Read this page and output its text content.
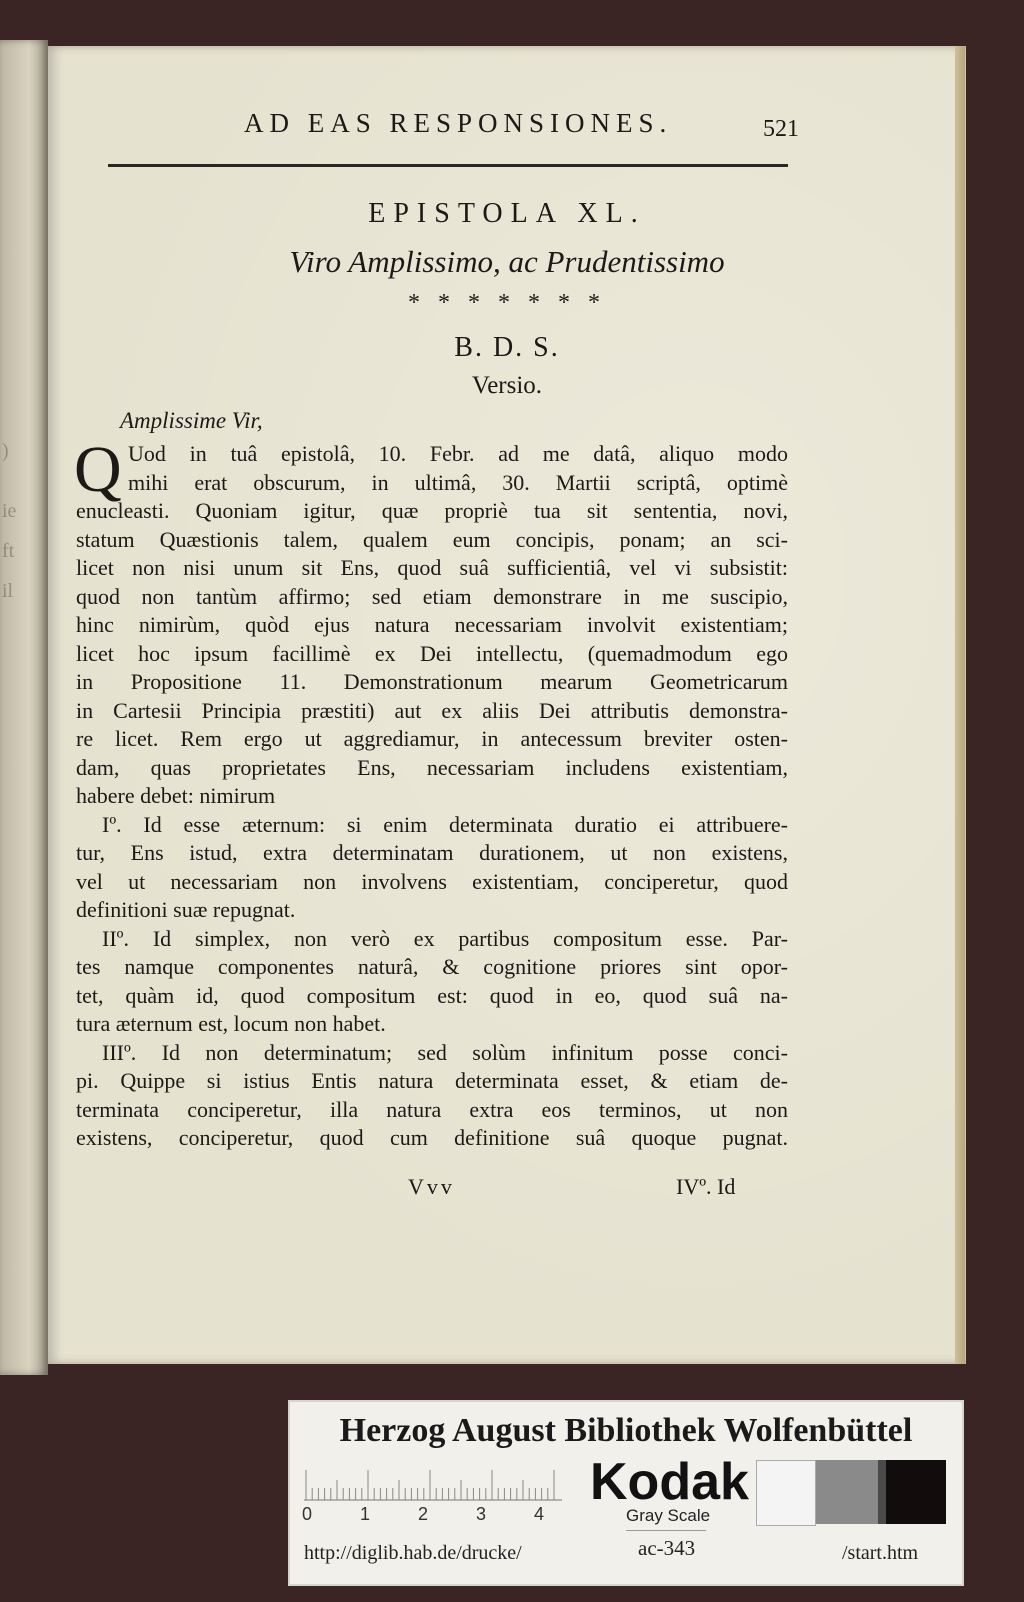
)
ie
ft
il
AD EAS RESPONSIONES.	521
EPISTOLA XL.
Viro Amplissimo, ac Prudentissimo
* * * * * * *
B. D. S.
Versio.
Amplissime Vir,
Q Uod in tuâ epistolâ, 10. Febr. ad me datâ, aliquo modo
mihi erat obscurum, in ultimâ, 30. Martii scriptâ, optimè
enucleasti. Quoniam igitur, quæ propriè tua sit sententia, novi,
statum Quæstionis talem, qualem eum concipis, ponam; an sci-
licet non nisi unum sit Ens, quod suâ sufficientiâ, vel vi subsistit:
quod non tantùm affirmo; sed etiam demonstrare in me suscipio,
hinc nimirùm, quòd ejus natura necessariam involvit existentiam;
licet hoc ipsum facillimè ex Dei intellectu, (quemadmodum ego
in Propositione 11. Demonstrationum mearum Geometricarum
in Cartesii Principia præstiti) aut ex aliis Dei attributis demonstra-
re licet. Rem ergo ut aggrediamur, in antecessum breviter osten-
dam, quas proprietates Ens, necessariam includens existentiam,
habere debet: nimirum
Iº. Id esse æternum: si enim determinata duratio ei attribuere-
tur, Ens istud, extra determinatam durationem, ut non existens,
vel ut necessariam non involvens existentiam, conciperetur, quod
definitioni suæ repugnat.
IIº. Id simplex, non verò ex partibus compositum esse. Par-
tes namque componentes naturâ, & cognitione priores sint opor-
tet, quàm id, quod compositum est: quod in eo, quod suâ na-
tura æternum est, locum non habet.
IIIº. Id non determinatum; sed solùm infinitum posse conci-
pi. Quippe si istius Entis natura determinata esset, & etiam de-
terminata conciperetur, illa natura extra eos terminos, ut non
existens, conciperetur, quod cum definitione suâ quoque pugnat.
Vvv	IVº. Id
Herzog August Bibliothek Wolfenbüttel
0	1	2	3	4
Kodak
Gray Scale
http://diglib.hab.de/drucke/	ac-343	/start.htm
